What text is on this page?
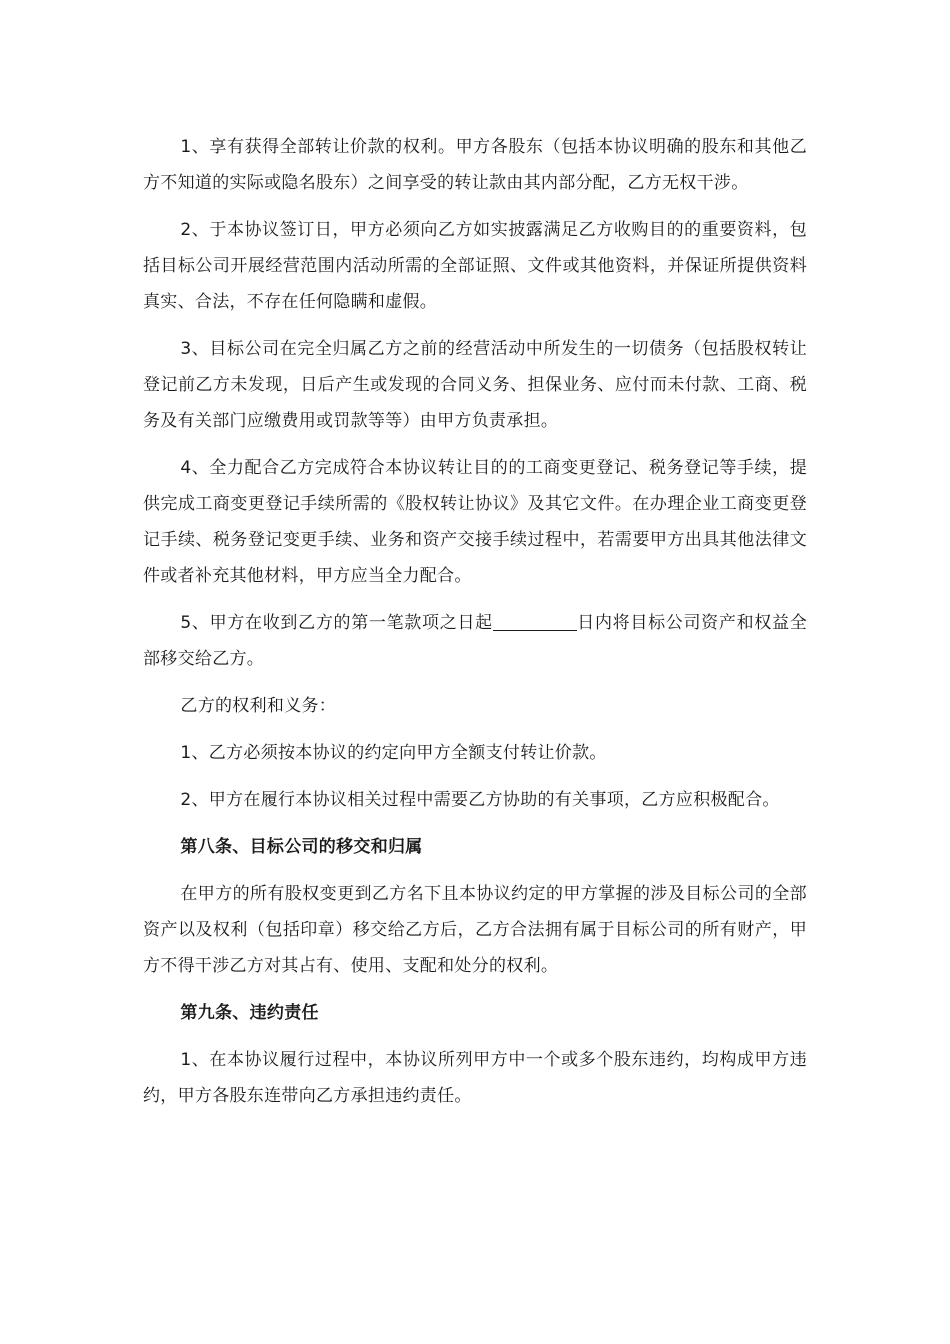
1、享有获得全部转让价款的权利。甲方各股东（包括本协议明确的股东和其他乙方不知道的实际或隐名股东）之间享受的转让款由其内部分配，乙方无权干涉。

2、于本协议签订日，甲方必须向乙方如实披露满足乙方收购目的的重要资料，包括目标公司开展经营范围内活动所需的全部证照、文件或其他资料，并保证所提供资料真实、合法，不存在任何隐瞒和虚假。

3、目标公司在完全归属乙方之前的经营活动中所发生的一切债务（包括股权转让登记前乙方未发现，日后产生或发现的合同义务、担保业务、应付而未付款、工商、税务及有关部门应缴费用或罚款等等）由甲方负责承担。

4、全力配合乙方完成符合本协议转让目的的工商变更登记、税务登记等手续，提供完成工商变更登记手续所需的《股权转让协议》及其它文件。在办理企业工商变更登记手续、税务登记变更手续、业务和资产交接手续过程中，若需要甲方出具其他法律文件或者补充其他材料，甲方应当全力配合。

5、甲方在收到乙方的第一笔款项之日起	日内将目标公司资产和权益全部移交给乙方。

乙方的权利和义务：

1、乙方必须按本协议的约定向甲方全额支付转让价款。

2、甲方在履行本协议相关过程中需要乙方协助的有关事项，乙方应积极配合。

第八条、目标公司的移交和归属

在甲方的所有股权变更到乙方名下且本协议约定的甲方掌握的涉及目标公司的全部资产以及权利（包括印章）移交给乙方后，乙方合法拥有属于目标公司的所有财产，甲方不得干涉乙方对其占有、使用、支配和处分的权利。

第九条、违约责任

1、在本协议履行过程中，本协议所列甲方中一个或多个股东违约，均构成甲方违约，甲方各股东连带向乙方承担违约责任。
